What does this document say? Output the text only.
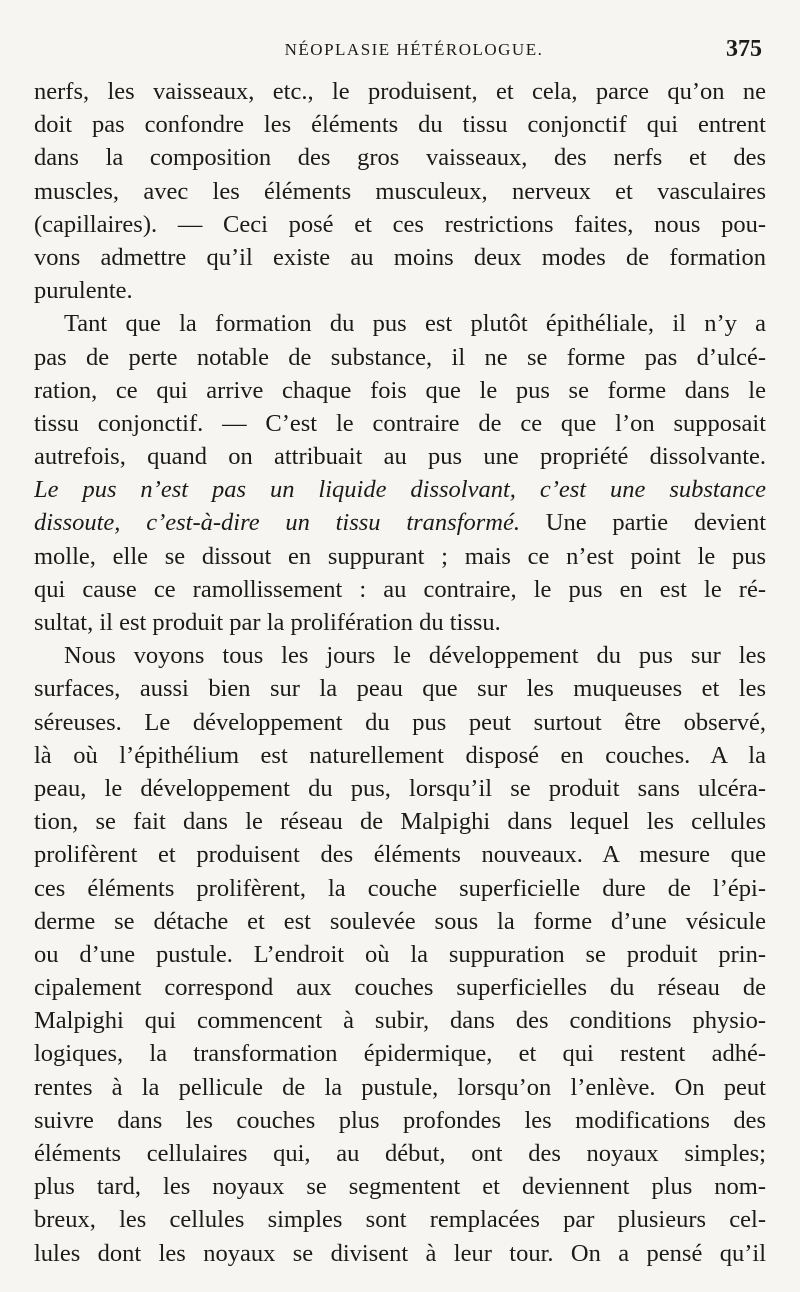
NÉOPLASIE HÉTÉROLOGUE.	375
nerfs, les vaisseaux, etc., le produisent, et cela, parce qu’on ne
doit pas confondre les éléments du tissu conjonctif qui entrent
dans la composition des gros vaisseaux, des nerfs et des
muscles, avec les éléments musculeux, nerveux et vasculaires
(capillaires). — Ceci posé et ces restrictions faites, nous pou-
vons admettre qu’il existe au moins deux modes de formation
purulente.
Tant que la formation du pus est plutôt épithéliale, il n’y a
pas de perte notable de substance, il ne se forme pas d’ulcé-
ration, ce qui arrive chaque fois que le pus se forme dans le
tissu conjonctif. — C’est le contraire de ce que l’on supposait
autrefois, quand on attribuait au pus une propriété dissolvante.
Le pus n’est pas un liquide dissolvant, c’est une substance
dissoute, c’est-à-dire un tissu transformé. Une partie devient
molle, elle se dissout en suppurant ; mais ce n’est point le pus
qui cause ce ramollissement : au contraire, le pus en est le ré-
sultat, il est produit par la prolifération du tissu.
Nous voyons tous les jours le développement du pus sur les
surfaces, aussi bien sur la peau que sur les muqueuses et les
séreuses. Le développement du pus peut surtout être observé,
là où l’épithélium est naturellement disposé en couches. A la
peau, le développement du pus, lorsqu’il se produit sans ulcéra-
tion, se fait dans le réseau de Malpighi dans lequel les cellules
prolifèrent et produisent des éléments nouveaux. A mesure que
ces éléments prolifèrent, la couche superficielle dure de l’épi-
derme se détache et est soulevée sous la forme d’une vésicule
ou d’une pustule. L’endroit où la suppuration se produit prin-
cipalement correspond aux couches superficielles du réseau de
Malpighi qui commencent à subir, dans des conditions physio-
logiques, la transformation épidermique, et qui restent adhé-
rentes à la pellicule de la pustule, lorsqu’on l’enlève. On peut
suivre dans les couches plus profondes les modifications des
éléments cellulaires qui, au début, ont des noyaux simples;
plus tard, les noyaux se segmentent et deviennent plus nom-
breux, les cellules simples sont remplacées par plusieurs cel-
lules dont les noyaux se divisent à leur tour. On a pensé qu’il
